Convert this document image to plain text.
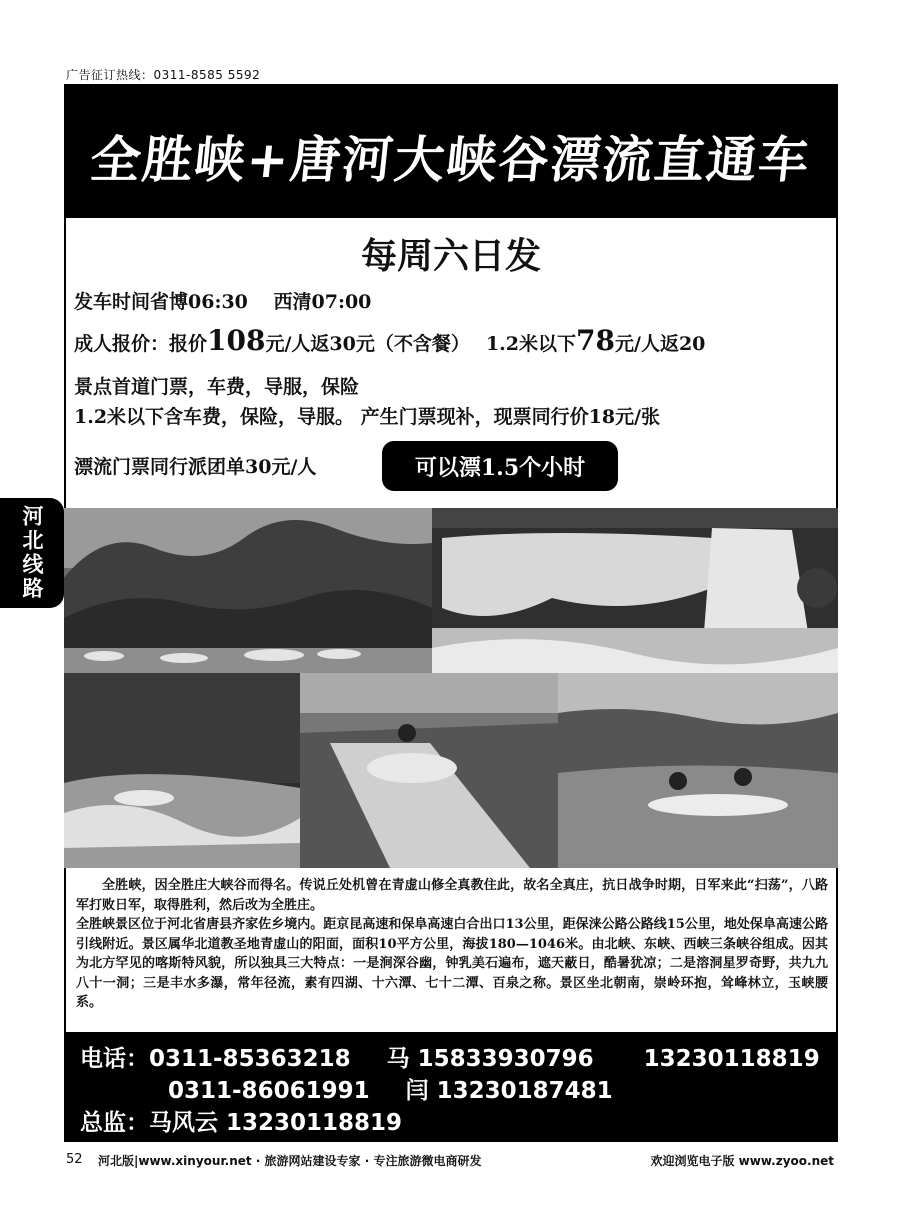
广告征订热线：0311-8585 5592
全胜峡+唐河大峡谷漂流直通车
每周六日发
发车时间省博06:30　 西清07:00
成人报价：报价108元/人返30元（不含餐）　 1.2米以下78元/人返20
景点首道门票，车费，导服，保险
1.2米以下含车费，保险，导服。 产生门票现补，现票同行价18元/张
漂流门票同行派团单30元/人	可以漂1.5个小时
河北线路

全胜峡，因全胜庄大峡谷而得名。传说丘处机曾在青虚山修全真教住此，故名全真庄，抗日战争时期，日军来此“扫荡”，八路军打败日军，取得胜利，然后改为全胜庄。

全胜峡景区位于河北省唐县齐家佐乡境内。距京昆高速和保阜高速白合出口13公里，距保涞公路公路线15公里，地处保阜高速公路引线附近。景区属华北道教圣地青虚山的阳面，面积10平方公里，海拔180—1046米。由北峡、东峡、西峡三条峡谷组成。因其为北方罕见的喀斯特风貌，所以独具三大特点：一是涧深谷幽，钟乳美石遍布，遮天蔽日，酷暑犹凉；二是溶洞星罗奇野，共九九八十一洞；三是丰水多瀑，常年径流，素有四湖、十六潭、七十二潭、百泉之称。景区坐北朝南，崇岭环抱，耸峰林立，玉峡腰系。

电话：0311-85363218 马 15833930796 13230118819
0311-86061991 闫 13230187481
总监：马风云 13230118819
52 河北版|www.xinyour.net · 旅游网站建设专家 · 专注旅游微电商研发	欢迎浏览电子版 www.zyoo.net
